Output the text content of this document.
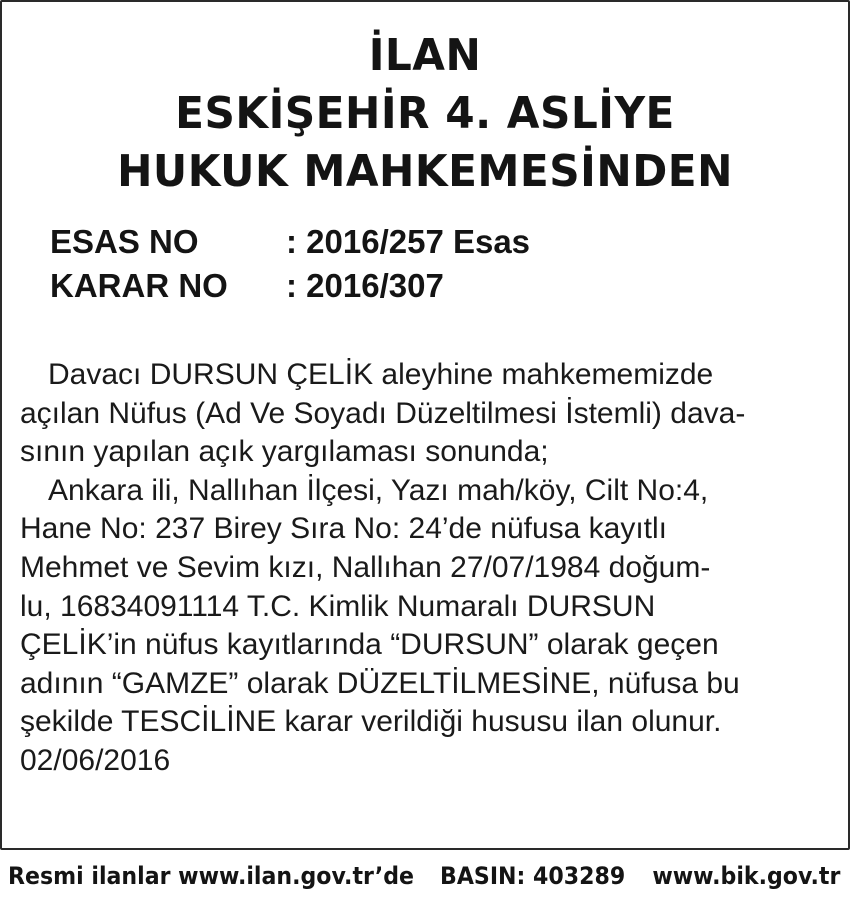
İLAN
ESKİŞEHİR 4. ASLİYE
HUKUK MAHKEMESİNDEN
ESAS NO	: 2016/257 Esas
KARAR NO : 2016/307
Davacı DURSUN ÇELİK aleyhine mahkememizde
açılan Nüfus (Ad Ve Soyadı Düzeltilmesi İstemli) dava-
sının yapılan açık yargılaması sonunda;
Ankara ili, Nallıhan İlçesi, Yazı mah/köy, Cilt No:4,
Hane No: 237 Birey Sıra No: 24’de nüfusa kayıtlı
Mehmet ve Sevim kızı, Nallıhan 27/07/1984 doğum-
lu, 16834091114 T.C. Kimlik Numaralı DURSUN
ÇELİK’in nüfus kayıtlarında “DURSUN” olarak geçen
adının “GAMZE” olarak DÜZELTİLMESİNE, nüfusa bu
şekilde TESCİLİNE karar verildiği hususu ilan olunur.
02/06/2016
Resmi ilanlar www.ilan.gov.tr’de BASIN: 403289 www.bik.gov.tr
